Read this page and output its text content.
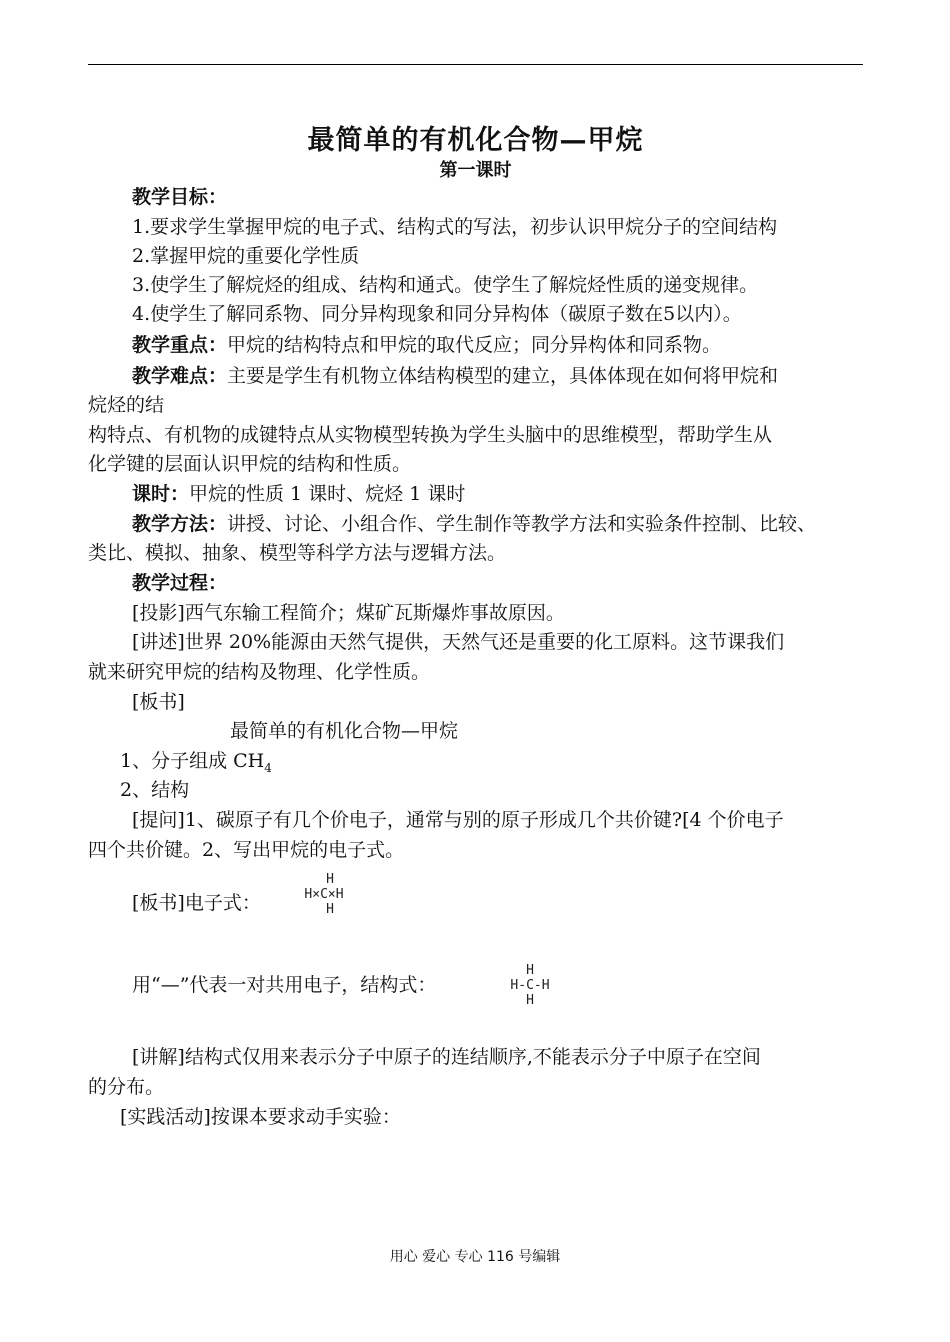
最简单的有机化合物—甲烷
第一课时
教学目标：
1.要求学生掌握甲烷的电子式、结构式的写法，初步认识甲烷分子的空间结构
2.掌握甲烷的重要化学性质
3.使学生了解烷烃的组成、结构和通式。使学生了解烷烃性质的递变规律。
4.使学生了解同系物、同分异构现象和同分异构体（碳原子数在5以内）。
教学重点：甲烷的结构特点和甲烷的取代反应；同分异构体和同系物。
教学难点：主要是学生有机物立体结构模型的建立，具体体现在如何将甲烷和
烷烃的结
构特点、有机物的成键特点从实物模型转换为学生头脑中的思维模型，帮助学生从
化学键的层面认识甲烷的结构和性质。
课时：甲烷的性质 1 课时、烷烃 1 课时
教学方法：讲授、讨论、小组合作、学生制作等教学方法和实验条件控制、比较、
类比、模拟、抽象、模型等科学方法与逻辑方法。
教学过程：
[投影]西气东输工程简介；煤矿瓦斯爆炸事故原因。
[讲述]世界 20%能源由天然气提供，天然气还是重要的化工原料。这节课我们
就来研究甲烷的结构及物理、化学性质。
[板书]
最简单的有机化合物—甲烷
1、分子组成 $CH_4$
2、结构
[提问]1、碳原子有几个价电子，通常与别的原子形成几个共价键?[4 个价电子
四个共价键。2、写出甲烷的电子式。
[板书]电子式：
H
H×C×H
H
用“—”代表一对共用电子，结构式：
H
H-C-H
H
[讲解]结构式仅用来表示分子中原子的连结顺序,不能表示分子中原子在空间
的分布。
[实践活动]按课本要求动手实验：
用心 爱心 专心 116 号编辑
